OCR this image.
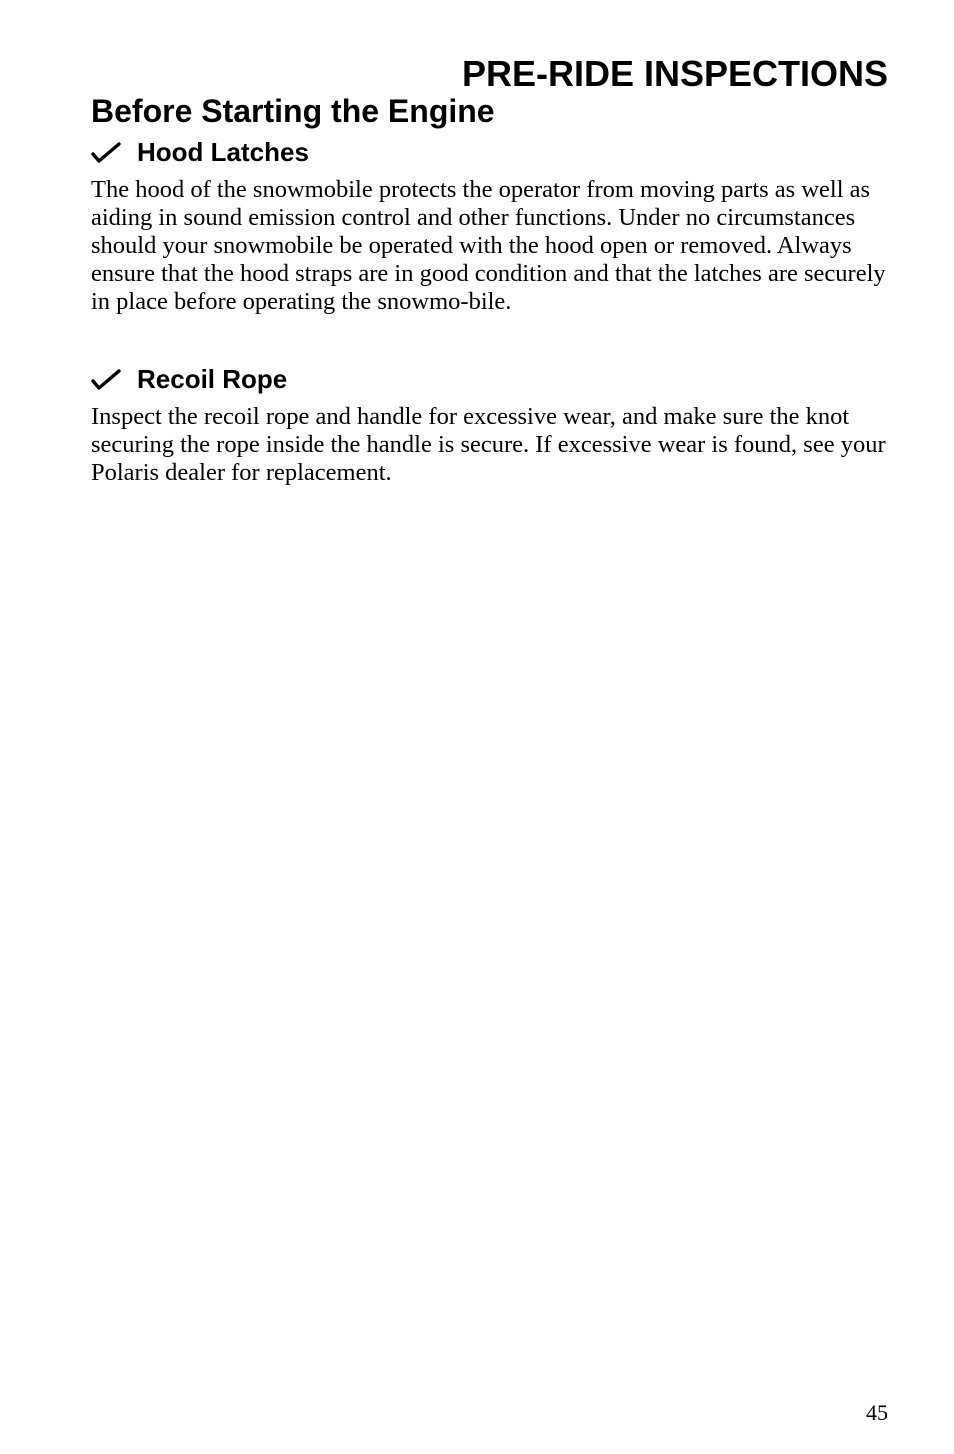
PRE-RIDE INSPECTIONS
Before Starting the Engine
Hood Latches

The hood of the snowmobile protects the operator from moving parts as well as aiding in sound emission control and other functions. Under no circumstances should your snowmobile be operated with the hood open or removed. Always ensure that the hood straps are in good condition and that the latches are securely in place before operating the snowmo-bile.

Recoil Rope

Inspect the recoil rope and handle for excessive wear, and make sure the knot securing the rope inside the handle is secure. If excessive wear is found, see your Polaris dealer for replacement.

45
